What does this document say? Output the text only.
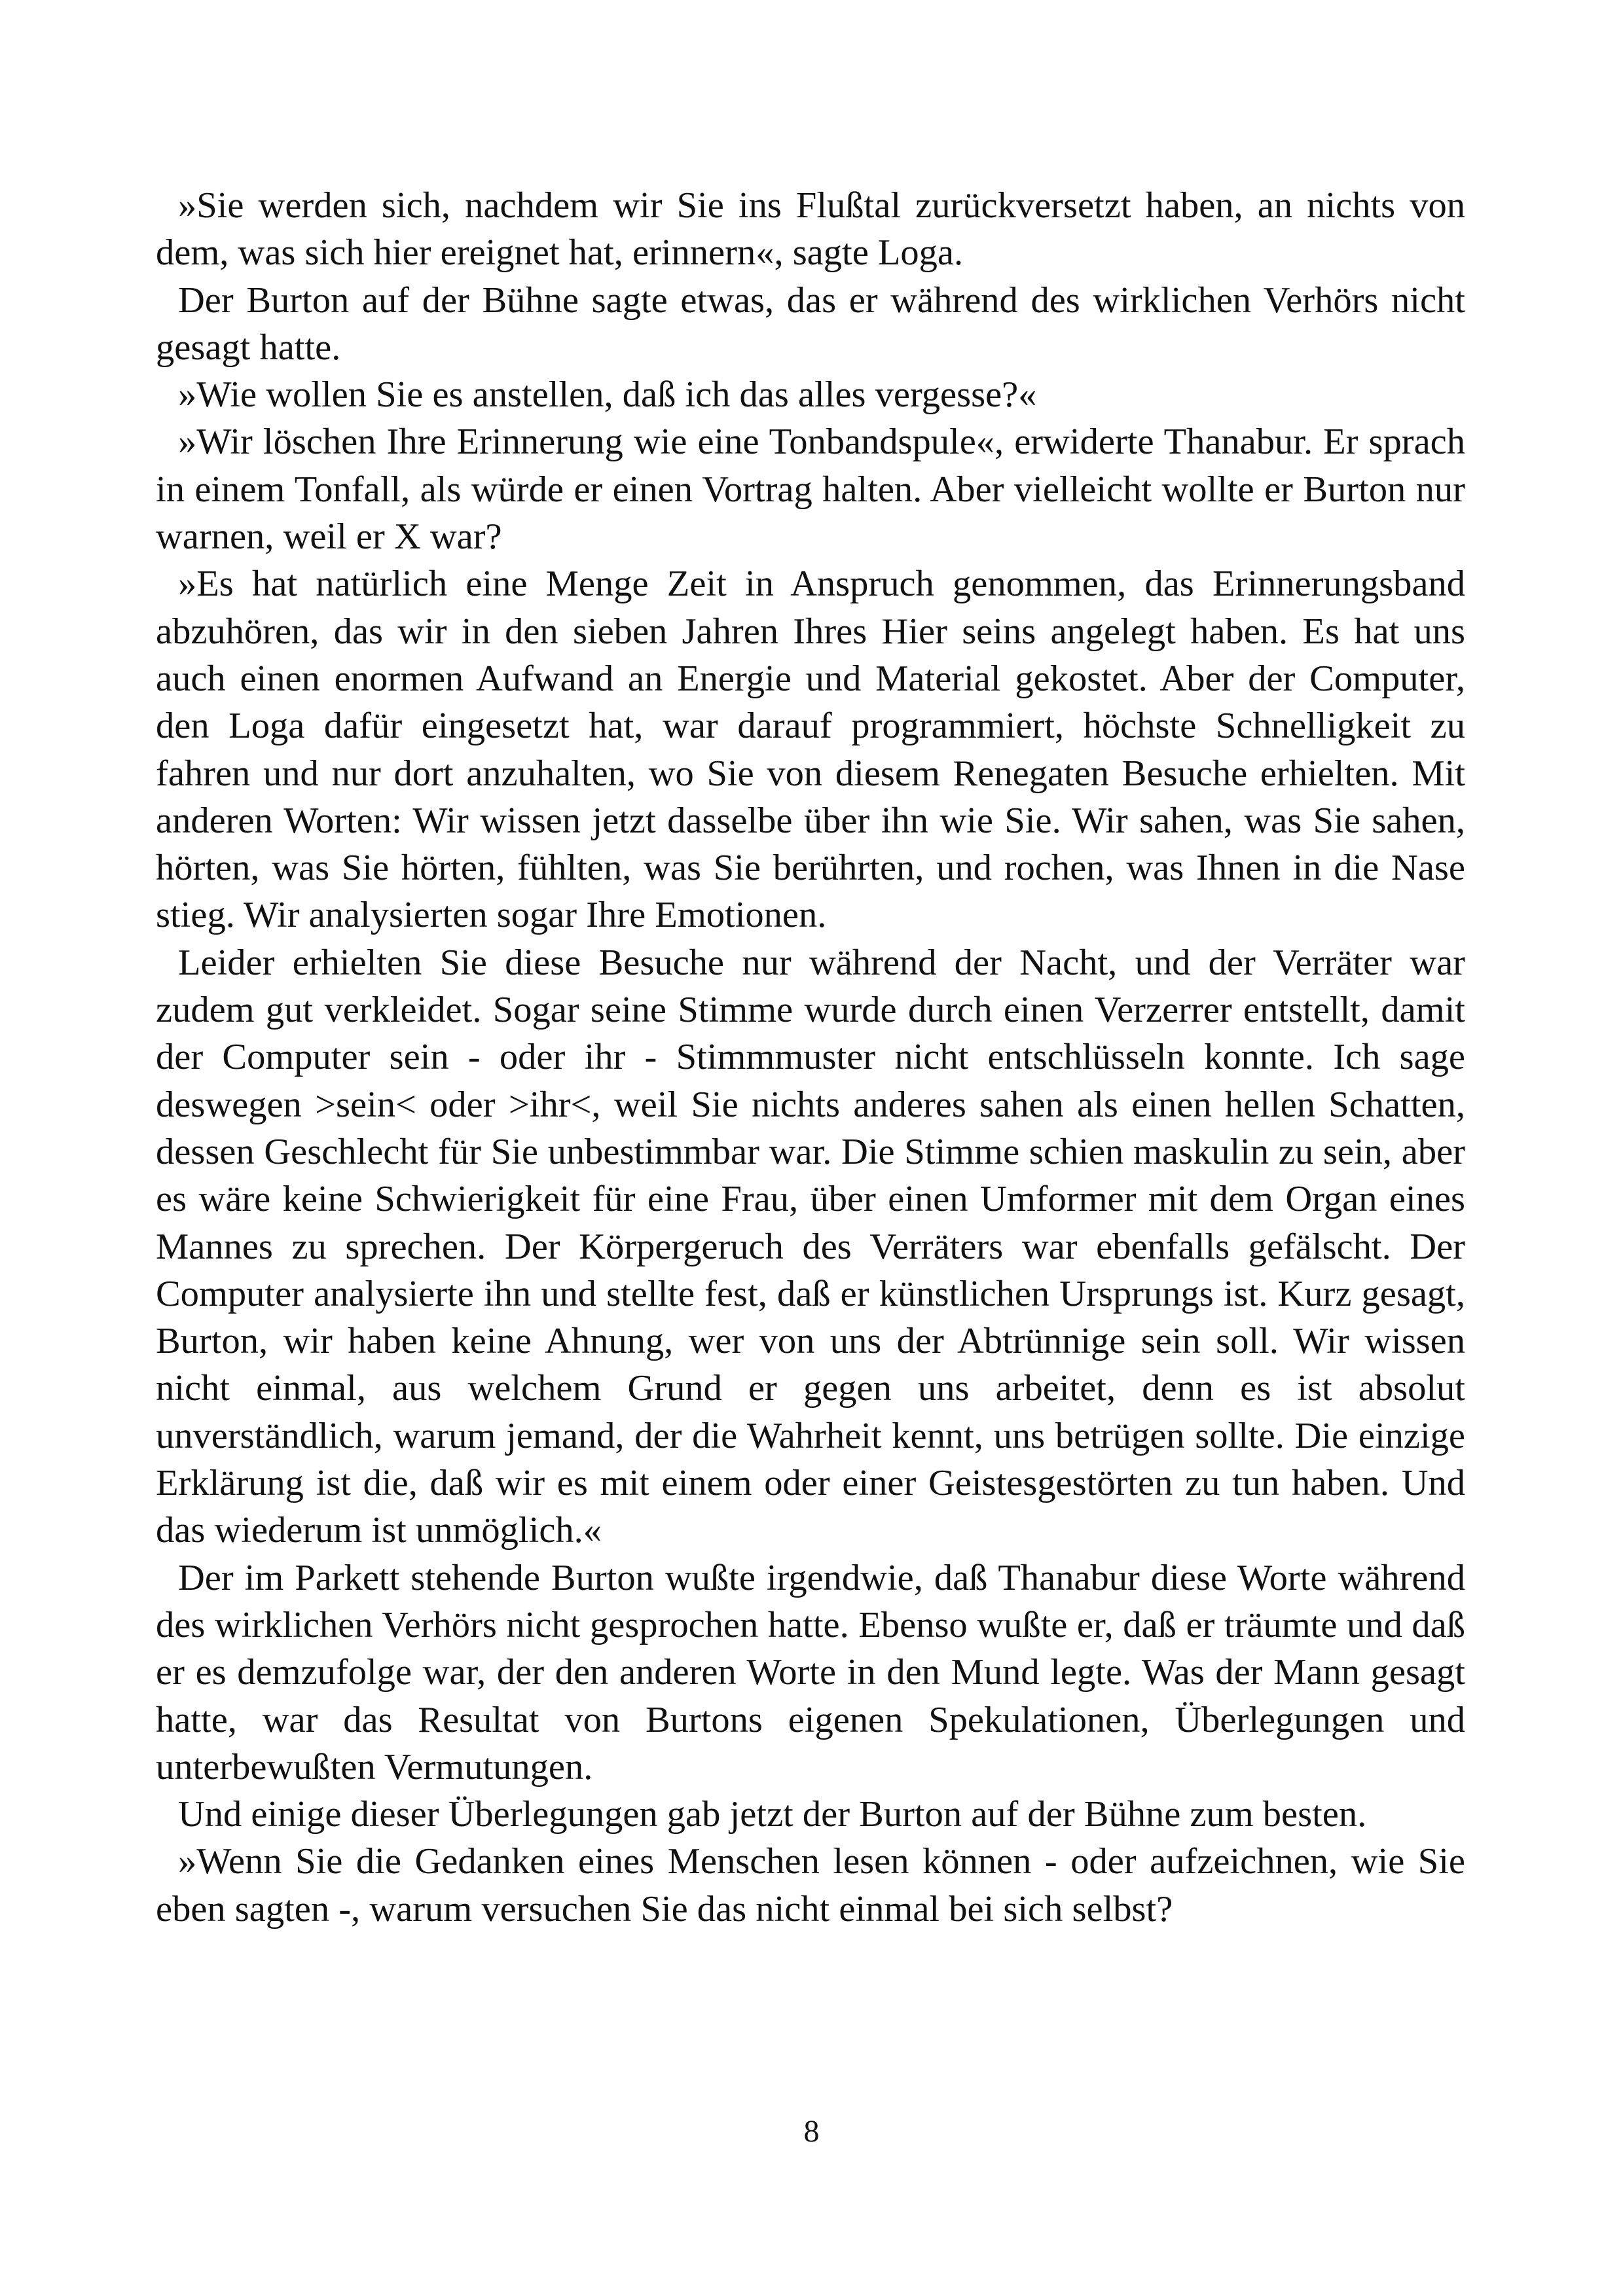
»Sie werden sich, nachdem wir Sie ins Flußtal zurückversetzt haben, an nichts von dem, was sich hier ereignet hat, erinnern«, sagte Loga.

Der Burton auf der Bühne sagte etwas, das er während des wirklichen Verhörs nicht gesagt hatte.

»Wie wollen Sie es anstellen, daß ich das alles vergesse?«

»Wir löschen Ihre Erinnerung wie eine Tonbandspule«, erwiderte Thanabur. Er sprach in einem Tonfall, als würde er einen Vortrag halten. Aber vielleicht wollte er Burton nur warnen, weil er X war?

»Es hat natürlich eine Menge Zeit in Anspruch genommen, das Erinnerungsband abzuhören, das wir in den sieben Jahren Ihres Hier seins angelegt haben. Es hat uns auch einen enormen Aufwand an Energie und Material gekostet. Aber der Computer, den Loga dafür eingesetzt hat, war darauf programmiert, höchste Schnelligkeit zu fahren und nur dort anzuhalten, wo Sie von diesem Renegaten Besuche erhielten. Mit anderen Worten: Wir wissen jetzt dasselbe über ihn wie Sie. Wir sahen, was Sie sahen, hörten, was Sie hörten, fühlten, was Sie berührten, und rochen, was Ihnen in die Nase stieg. Wir analysierten sogar Ihre Emotionen.

Leider erhielten Sie diese Besuche nur während der Nacht, und der Verräter war zudem gut verkleidet. Sogar seine Stimme wurde durch einen Verzerrer entstellt, damit der Computer sein - oder ihr - Stimmmuster nicht entschlüsseln konnte. Ich sage deswegen >sein< oder >ihr<, weil Sie nichts anderes sahen als einen hellen Schatten, dessen Geschlecht für Sie unbestimmbar war. Die Stimme schien maskulin zu sein, aber es wäre keine Schwierigkeit für eine Frau, über einen Umformer mit dem Organ eines Mannes zu sprechen. Der Körpergeruch des Verräters war ebenfalls gefälscht. Der Computer analysierte ihn und stellte fest, daß er künstlichen Ursprungs ist. Kurz gesagt, Burton, wir haben keine Ahnung, wer von uns der Abtrünnige sein soll. Wir wissen nicht einmal, aus welchem Grund er gegen uns arbeitet, denn es ist absolut unverständlich, warum jemand, der die Wahrheit kennt, uns betrügen sollte. Die einzige Erklärung ist die, daß wir es mit einem oder einer Geistesgestörten zu tun haben. Und das wiederum ist unmöglich.«

Der im Parkett stehende Burton wußte irgendwie, daß Thanabur diese Worte während des wirklichen Verhörs nicht gesprochen hatte. Ebenso wußte er, daß er träumte und daß er es demzufolge war, der den anderen Worte in den Mund legte. Was der Mann gesagt hatte, war das Resultat von Burtons eigenen Spekulationen, Überlegungen und unterbewußten Vermutungen.

Und einige dieser Überlegungen gab jetzt der Burton auf der Bühne zum besten.

»Wenn Sie die Gedanken eines Menschen lesen können - oder aufzeichnen, wie Sie eben sagten -, warum versuchen Sie das nicht einmal bei sich selbst?

8
